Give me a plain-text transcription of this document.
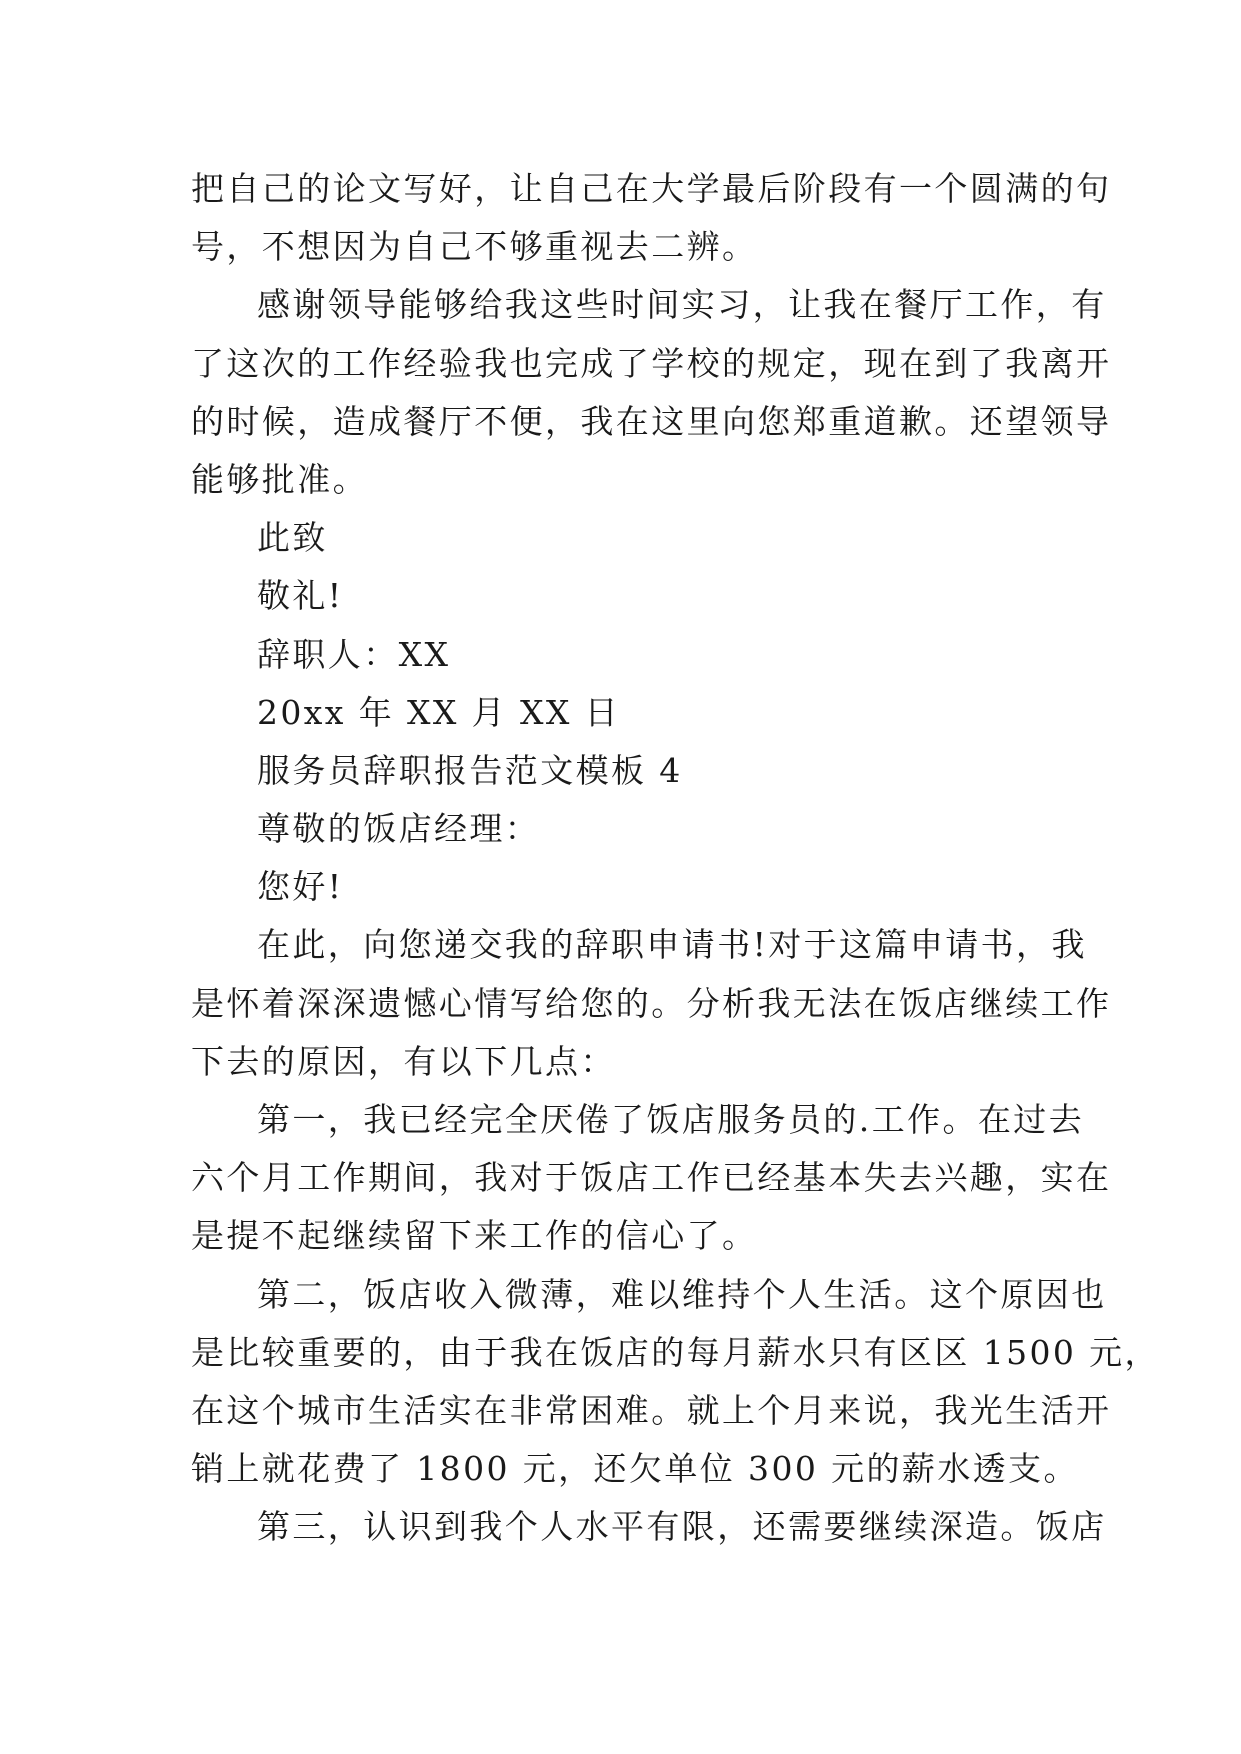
把自己的论文写好，让自己在大学最后阶段有一个圆满的句
号，不想因为自己不够重视去二辨。
感谢领导能够给我这些时间实习，让我在餐厅工作，有
了这次的工作经验我也完成了学校的规定，现在到了我离开
的时候，造成餐厅不便，我在这里向您郑重道歉。还望领导
能够批准。
此致
敬礼!
辞职人：XX
20xx 年 XX 月 XX 日
服务员辞职报告范文模板 4
尊敬的饭店经理：
您好!
在此，向您递交我的辞职申请书!对于这篇申请书，我
是怀着深深遗憾心情写给您的。分析我无法在饭店继续工作
下去的原因，有以下几点：
第一，我已经完全厌倦了饭店服务员的.工作。在过去
六个月工作期间，我对于饭店工作已经基本失去兴趣，实在
是提不起继续留下来工作的信心了。
第二，饭店收入微薄，难以维持个人生活。这个原因也
是比较重要的，由于我在饭店的每月薪水只有区区 1500 元，
在这个城市生活实在非常困难。就上个月来说，我光生活开
销上就花费了 1800 元，还欠单位 300 元的薪水透支。
第三，认识到我个人水平有限，还需要继续深造。饭店
